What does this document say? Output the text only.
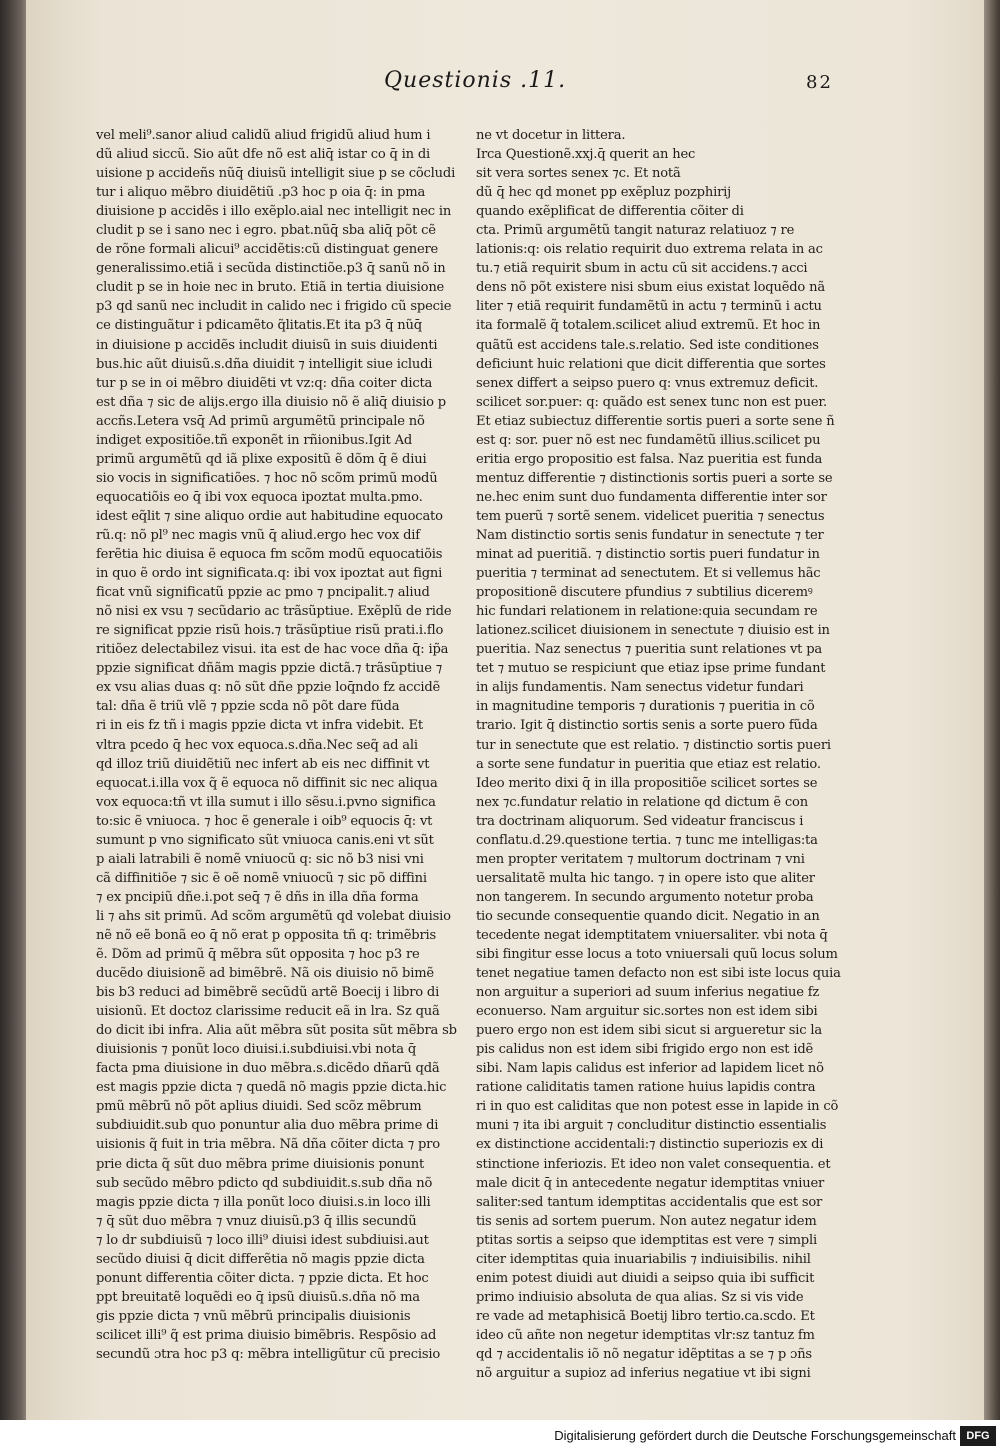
Questionis .11.	82
vel meli⁹.sanor aliud calidũ aliud frigidũ aliud hum i
dũ aliud siccũ. Sio aũt dfe nõ est aliq̄ istar co q̄ in di
uisione p accideñs nũq̄ diuisũ intelligit siue p se cõcludi
tur i aliquo mẽbro diuidẽtiũ .p3 hoc p oia q̄: in pma
diuisione p accidẽs i illo exẽplo.aial nec intelligit nec in
cludit p se i sano nec i egro. pbat.nũq̄ sba aliq̄ põt cẽ
de rõne formali alicui⁹ accidẽtis:cũ distinguat genere
generalissimo.etiã i secũda distinctiõe.p3 q̄ sanũ nõ in
cludit p se in hoie nec in bruto. Etiã in tertia diuisione
p3 qd sanũ nec includit in calido nec i frigido cũ specie
ce distinguãtur i pdicamẽto q̃litatis.Et ita p3 q̄ nũq̄
in diuisione p accidẽs includit diuisũ in suis diuidenti
bus.hic aũt diuisũ.s.dña diuidit ⁊ intelligit siue icludi
tur p se in oi mẽbro diuidẽti vt vz:q: dña coiter dicta
est dña ⁊ sic de alijs.ergo illa diuisio nõ ẽ aliq̄ diuisio p
accñs.Letera vsq̄ Ad primũ argumẽtũ principale nõ
indiget expositiõe.tñ exponẽt in rñionibus.Igit Ad
primũ argumẽtũ qd iã plixe expositũ ẽ dõm q̄ ẽ diui
sio vocis in significatiões. ⁊ hoc nõ scõm primũ modũ
equocatiõis eo q̄ ibi vox equoca ipoztat multa.pmo.
idest eq̃lit ⁊ sine aliquo ordie aut habitudine equocato
rũ.q: nõ pl⁹ nec magis vnũ q̄ aliud.ergo hec vox dif
ferẽtia hic diuisa ẽ equoca fm scõm modũ equocatiõis
in quo ẽ ordo int significata.q: ibi vox ipoztat aut figni
ficat vnũ significatũ ppzie ac pmo ⁊ pncipalit.⁊ aliud
nõ nisi ex vsu ⁊ secũdario ac trãsũptiue. Exẽplũ de ride
re significat ppzie risũ hois.⁊ trãsũptiue risũ prati.i.flo
ritiõez delectabilez visui. ita est de hac voce dña q̄: ip̃a
ppzie significat dñãm magis ppzie dictã.⁊ trãsũptiue ⁊
ex vsu alias duas q: nõ sũt dñe ppzie loq̄ndo fz accidẽ
tal: dña ẽ triũ vlẽ ⁊ ppzie scda nõ põt dare fũda
ri in eis fz tñ i magis ppzie dicta vt infra videbit. Et
vltra pcedo q̄ hec vox equoca.s.dña.Nec seq̃ ad ali
qd illoz triũ diuidẽtiũ nec infert ab eis nec diffinit vt
equocat.i.illa vox q̃ ẽ equoca nõ diffinit sic nec aliqua
vox equoca:tñ vt illa sumut i illo sẽsu.i.pvno significa
to:sic ẽ vniuoca. ⁊ hoc ẽ generale i oib⁹ equocis q̄: vt
sumunt p vno significato sũt vniuoca canis.eni vt sũt
p aiali latrabili ẽ nomẽ vniuocũ q: sic nõ b3 nisi vni
cã diffinitiõe ⁊ sic ẽ oẽ nomẽ vniuocũ ⁊ sic põ diffini
⁊ ex pncipiũ dñe.i.pot seq̄ ⁊ ẽ dñs in illa dña forma
li ⁊ ahs sit primũ. Ad scõm argumẽtũ qd volebat diuisio
nẽ nõ eẽ bonã eo q̄ nõ erat p opposita tñ q: trimẽbris
ẽ. Dõm ad primũ q̄ mẽbra sũt opposita ⁊ hoc p3 re
ducẽdo diuisionẽ ad bimẽbrẽ. Nã ois diuisio nõ bimẽ
bis b3 reduci ad bimẽbrẽ secũdũ artẽ Boecij i libro di
uisionũ. Et doctoz clarissime reducit eã in lra. Sz quã
do dicit ibi infra. Alia aũt mẽbra sũt posita sũt mẽbra sb
diuisionis ⁊ ponũt loco diuisi.i.subdiuisi.vbi nota q̄
facta pma diuisione in duo mẽbra.s.dicẽdo dñarũ qdã
est magis ppzie dicta ⁊ quedã nõ magis ppzie dicta.hic
pmũ mẽbrũ nõ põt aplius diuidi. Sed scõz mẽbrum
subdiuidit.sub quo ponuntur alia duo mẽbra prime di
uisionis q̃ fuit in tria mẽbra. Nã dña cõiter dicta ⁊ pro
prie dicta q̃ sũt duo mẽbra prime diuisionis ponunt
sub secũdo mẽbro pdicto qd subdiuidit.s.sub dña nõ
magis ppzie dicta ⁊ illa ponũt loco diuisi.s.in loco illi
⁊ q̄ sũt duo mẽbra ⁊ vnuz diuisũ.p3 q̄ illis secundũ
⁊ lo dr subdiuisũ ⁊ loco illi⁹ diuisi idest subdiuisi.aut
secũdo diuisi q̄ dicit differẽtia nõ magis ppzie dicta
ponunt differentia cõiter dicta. ⁊ ppzie dicta. Et hoc
ppt breuitatẽ loquẽdi eo q̄ ipsũ diuisũ.s.dña nõ ma
gis ppzie dicta ⁊ vnũ mẽbrũ principalis diuisionis
scilicet illi⁹ q̃ est prima diuisio bimẽbris. Respõsio ad
secundũ ɔtra hoc p3 q: mẽbra intelligũtur cũ precisio
ne vt docetur in littera.
Irca Questionẽ.xxj.q̄ querit an hec
sit vera sortes senex ⁊c. Et notã
dũ q̄ hec qd monet pp exẽpluz pozphirij
quando exẽplificat de differentia cõiter di
cta. Primũ argumẽtũ tangit naturaz relatiuoz ⁊ re
lationis:q: ois relatio requirit duo extrema relata in ac
tu.⁊ etiã requirit sbum in actu cũ sit accidens.⁊ acci
dens nõ põt existere nisi sbum eius existat loquẽdo nã
liter ⁊ etiã requirit fundamẽtũ in actu ⁊ terminũ i actu
ita formalẽ q̃ totalem.scilicet aliud extremũ. Et hoc in
quãtũ est accidens tale.s.relatio. Sed iste conditiones
deficiunt huic relationi que dicit differentia que sortes
senex differt a seipso puero q: vnus extremuz deficit.
scilicet sor.puer: q: quãdo est senex tunc non est puer.
Et etiaz subiectuz differentie sortis pueri a sorte sene ñ
est q: sor. puer nõ est nec fundamẽtũ illius.scilicet pu
eritia ergo propositio est falsa. Naz pueritia est funda
mentuz differentie ⁊ distinctionis sortis pueri a sorte se
ne.hec enim sunt duo fundamenta differentie inter sor
tem puerũ ⁊ sortẽ senem. videlicet pueritia ⁊ senectus
Nam distinctio sortis senis fundatur in senectute ⁊ ter
minat ad pueritiã. ⁊ distinctio sortis pueri fundatur in
pueritia ⁊ terminat ad senectutem. Et si vellemus hãc
propositionẽ discutere pfundius ⁊ subtilius diceremꝰ
hic fundari relationem in relatione:quia secundam re
lationez.scilicet diuisionem in senectute ⁊ diuisio est in
pueritia. Naz senectus ⁊ pueritia sunt relationes vt pa
tet ⁊ mutuo se respiciunt que etiaz ipse prime fundant
in alijs fundamentis. Nam senectus videtur fundari
in magnitudine temporis ⁊ durationis ⁊ pueritia in cõ
trario. Igit q̄ distinctio sortis senis a sorte puero fũda
tur in senectute que est relatio. ⁊ distinctio sortis pueri
a sorte sene fundatur in pueritia que etiaz est relatio.
Ideo merito dixi q̄ in illa propositiõe scilicet sortes se
nex ⁊c.fundatur relatio in relatione qd dictum ẽ con
tra doctrinam aliquorum. Sed videatur franciscus i
conflatu.d.29.questione tertia. ⁊ tunc me intelligas:ta
men propter veritatem ⁊ multorum doctrinam ⁊ vni
uersalitatẽ multa hic tango. ⁊ in opere isto que aliter
non tangerem. In secundo argumento notetur proba
tio secunde consequentie quando dicit. Negatio in an
tecedente negat idemptitatem vniuersaliter. vbi nota q̄
sibi fingitur esse locus a toto vniuersali quũ locus solum
tenet negatiue tamen defacto non est sibi iste locus quia
non arguitur a superiori ad suum inferius negatiue fz
econuerso. Nam arguitur sic.sortes non est idem sibi
puero ergo non est idem sibi sicut si argueretur sic la
pis calidus non est idem sibi frigido ergo non est idẽ
sibi. Nam lapis calidus est inferior ad lapidem licet nõ
ratione caliditatis tamen ratione huius lapidis contra
ri in quo est caliditas que non potest esse in lapide in cõ
muni ⁊ ita ibi arguit ⁊ concluditur distinctio essentialis
ex distinctione accidentali:⁊ distinctio superiozis ex di
stinctione inferiozis. Et ideo non valet consequentia. et
male dicit q̄ in antecedente negatur idemptitas vniuer
saliter:sed tantum idemptitas accidentalis que est sor
tis senis ad sortem puerum. Non autez negatur idem
ptitas sortis a seipso que idemptitas est vere ⁊ simpli
citer idemptitas quia inuariabilis ⁊ indiuisibilis. nihil
enim potest diuidi aut diuidi a seipso quia ibi sufficit
primo indiuisio absoluta de qua alias. Sz si vis vide
re vade ad metaphisicã Boetij libro tertio.ca.scdo. Et
ideo cũ añte non negetur idemptitas vlr:sz tantuz fm
qd ⁊ accidentalis iõ nõ negatur idẽptitas a se ⁊ p ɔñs
nõ arguitur a supioz ad inferius negatiue vt ibi signi
Digitalisierung gefördert durch die Deutsche Forschungsgemeinschaft DFG
